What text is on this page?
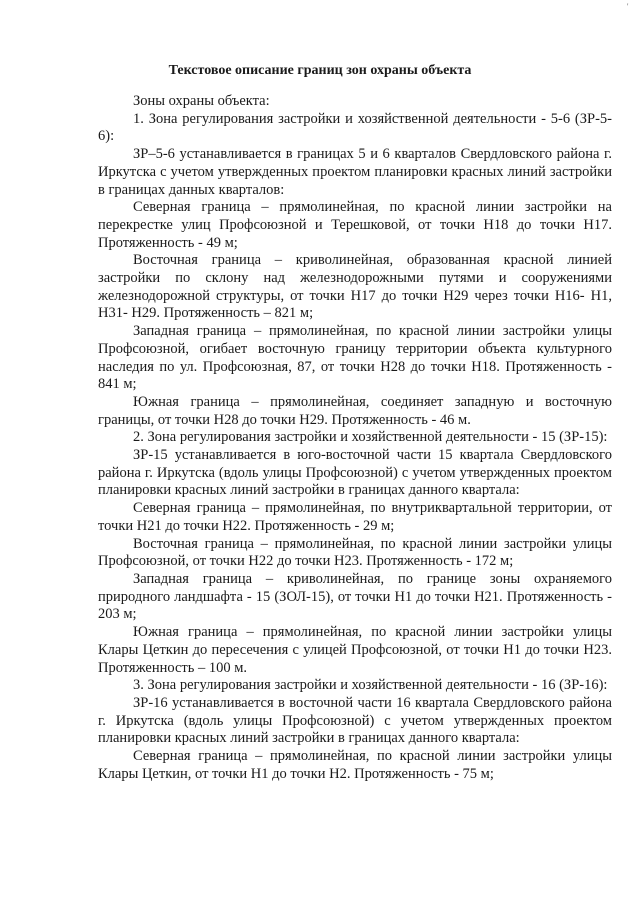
'
Текстовое описание границ зон охраны объекта

Зоны охраны объекта:

1. Зона регулирования застройки и хозяйственной деятельности - 5-6 (ЗР-5-6):

ЗР–5-6 устанавливается в границах 5 и 6 кварталов Свердловского района г. Иркутска с учетом утвержденных проектом планировки красных линий застройки в границах данных кварталов:

Северная граница – прямолинейная, по красной линии застройки на перекрестке улиц Профсоюзной и Терешковой, от точки Н18 до точки Н17. Протяженность - 49 м;

Восточная граница – криволинейная, образованная красной линией застройки по склону над железнодорожными путями и сооружениями железнодорожной структуры, от точки Н17 до точки Н29 через точки Н16- Н1, Н31- Н29. Протяженность – 821 м;

Западная граница – прямолинейная, по красной линии застройки улицы Профсоюзной, огибает восточную границу территории объекта культурного наследия по ул. Профсоюзная, 87, от точки Н28 до точки Н18. Протяженность - 841 м;

Южная граница – прямолинейная, соединяет западную и восточную границы, от точки Н28 до точки Н29. Протяженность - 46 м.

2. Зона регулирования застройки и хозяйственной деятельности - 15 (ЗР-15):

ЗР-15 устанавливается в юго-восточной части 15 квартала Свердловского района г. Иркутска (вдоль улицы Профсоюзной) с учетом утвержденных проектом планировки красных линий застройки в границах данного квартала:

Северная граница – прямолинейная, по внутриквартальной территории, от точки Н21 до точки Н22. Протяженность - 29 м;

Восточная граница – прямолинейная, по красной линии застройки улицы Профсоюзной, от точки Н22 до точки Н23. Протяженность - 172 м;

Западная граница – криволинейная, по границе зоны охраняемого природного ландшафта - 15 (ЗОЛ-15), от точки Н1 до точки Н21. Протяженность - 203 м;

Южная граница – прямолинейная, по красной линии застройки улицы Клары Цеткин до пересечения с улицей Профсоюзной, от точки Н1 до точки Н23. Протяженность – 100 м.

3. Зона регулирования застройки и хозяйственной деятельности - 16 (ЗР-16):

ЗР-16 устанавливается в восточной части 16 квартала Свердловского района г. Иркутска (вдоль улицы Профсоюзной) с учетом утвержденных проектом планировки красных линий застройки в границах данного квартала:

Северная граница – прямолинейная, по красной линии застройки улицы Клары Цеткин, от точки Н1 до точки Н2. Протяженность - 75 м;
